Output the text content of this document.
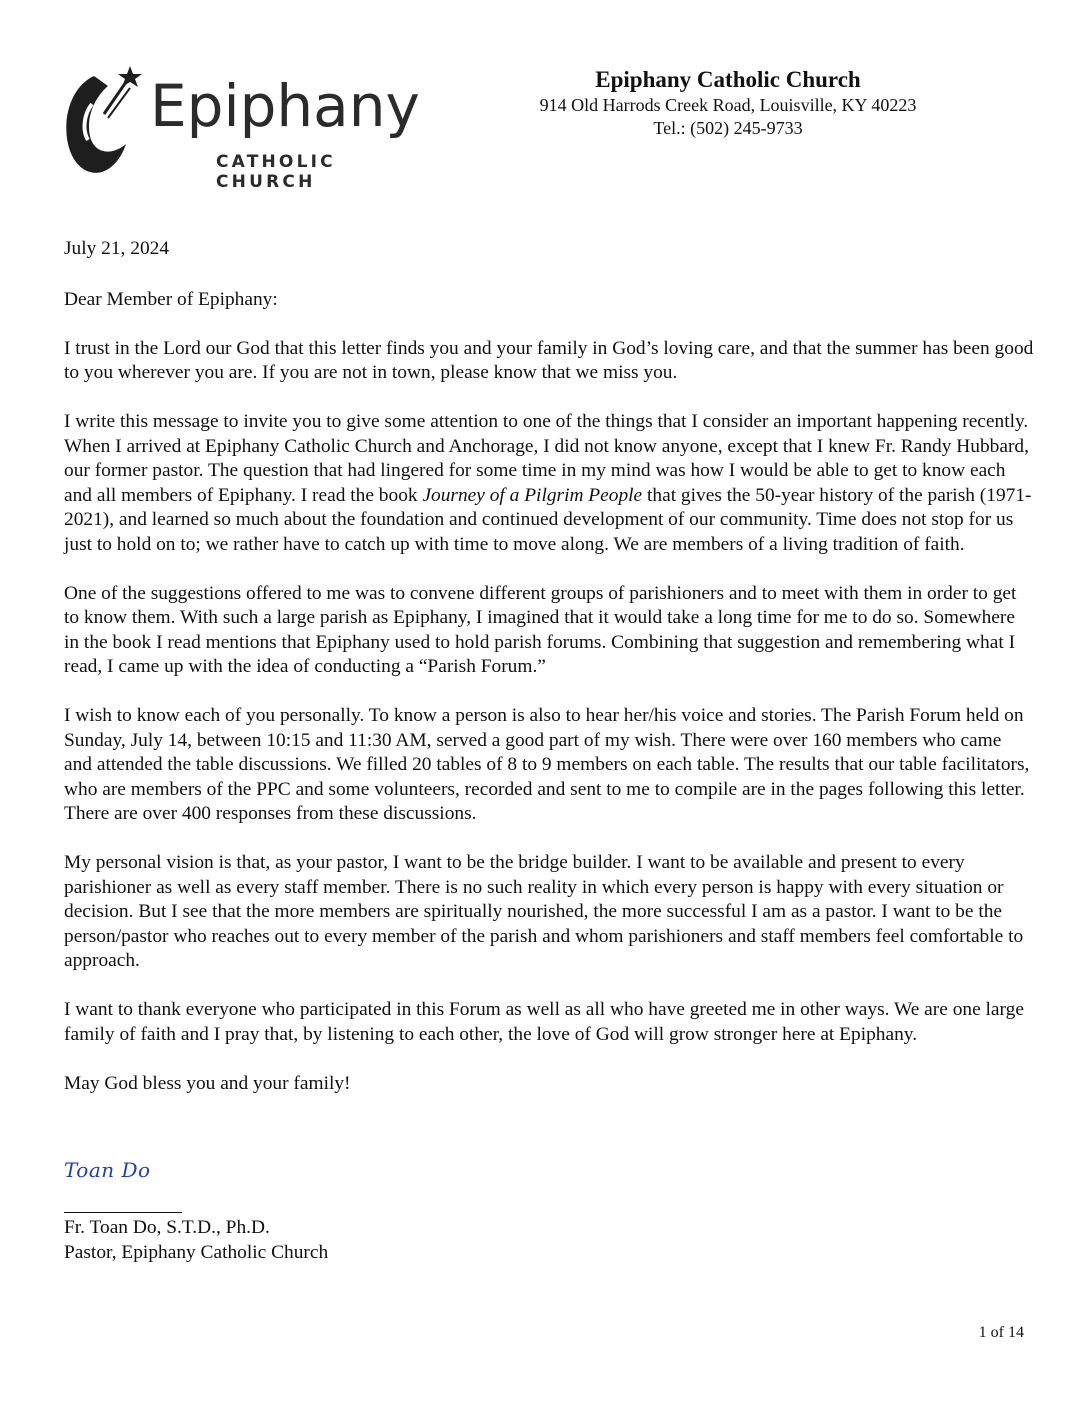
Epiphany
CATHOLIC CHURCH
Epiphany Catholic Church
914 Old Harrods Creek Road, Louisville, KY 40223
Tel.: (502) 245-9733

July 21, 2024

Dear Member of Epiphany:

I trust in the Lord our God that this letter finds you and your family in God’s loving care, and that the summer has been good to you wherever you are. If you are not in town, please know that we miss you.

I write this message to invite you to give some attention to one of the things that I consider an important happening recently. When I arrived at Epiphany Catholic Church and Anchorage, I did not know anyone, except that I knew Fr. Randy Hubbard, our former pastor. The question that had lingered for some time in my mind was how I would be able to get to know each and all members of Epiphany. I read the book Journey of a Pilgrim People that gives the 50-year history of the parish (1971-2021), and learned so much about the foundation and continued development of our community. Time does not stop for us just to hold on to; we rather have to catch up with time to move along. We are members of a living tradition of faith.

One of the suggestions offered to me was to convene different groups of parishioners and to meet with them in order to get to know them. With such a large parish as Epiphany, I imagined that it would take a long time for me to do so. Somewhere in the book I read mentions that Epiphany used to hold parish forums. Combining that suggestion and remembering what I read, I came up with the idea of conducting a “Parish Forum.”

I wish to know each of you personally. To know a person is also to hear her/his voice and stories. The Parish Forum held on Sunday, July 14, between 10:15 and 11:30 AM, served a good part of my wish. There were over 160 members who came and attended the table discussions. We filled 20 tables of 8 to 9 members on each table. The results that our table facilitators, who are members of the PPC and some volunteers, recorded and sent to me to compile are in the pages following this letter. There are over 400 responses from these discussions.

My personal vision is that, as your pastor, I want to be the bridge builder. I want to be available and present to every parishioner as well as every staff member. There is no such reality in which every person is happy with every situation or decision. But I see that the more members are spiritually nourished, the more successful I am as a pastor. I want to be the person/pastor who reaches out to every member of the parish and whom parishioners and staff members feel comfortable to approach.

I want to thank everyone who participated in this Forum as well as all who have greeted me in other ways. We are one large family of faith and I pray that, by listening to each other, the love of God will grow stronger here at Epiphany.

May God bless you and your family!

Toan Do
Fr. Toan Do, S.T.D., Ph.D.
Pastor, Epiphany Catholic Church
1 of 14
